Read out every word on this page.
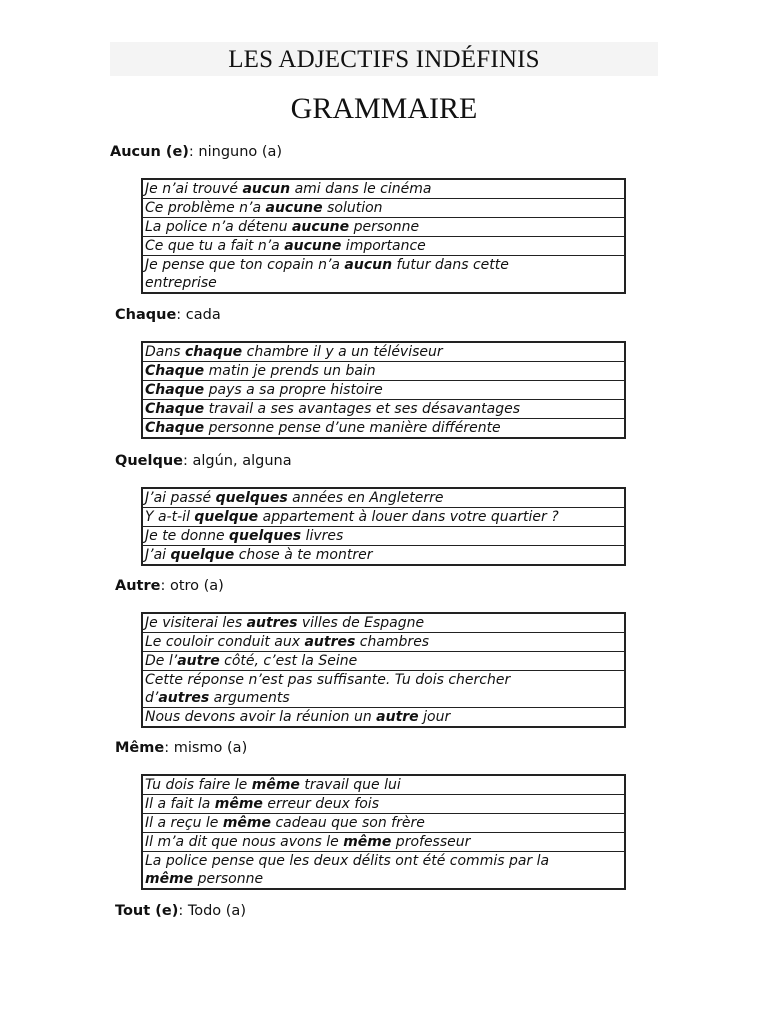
LES ADJECTIFS INDÉFINIS
GRAMMAIRE
Aucun (e): ninguno (a)
Je n’ai trouvé aucun ami dans le cinéma
Ce problème n’a aucune solution
La police n’a détenu aucune personne
Ce que tu a fait n’a aucune importance
Je pense que ton copain n’a aucun futur dans cette entreprise
Chaque: cada
Dans chaque chambre il y a un téléviseur
Chaque matin je prends un bain
Chaque pays a sa propre histoire
Chaque travail a ses avantages et ses désavantages
Chaque personne pense d’une manière différente
Quelque: algún, alguna
J’ai passé quelques années en Angleterre
Y a-t-il quelque appartement à louer dans votre quartier ?
Je te donne quelques livres
J’ai quelque chose à te montrer
Autre: otro (a)
Je visiterai les autres villes de Espagne
Le couloir conduit aux autres chambres
De l’autre côté, c’est la Seine
Cette réponse n’est pas suffisante. Tu dois chercher d’autres arguments
Nous devons avoir la réunion un autre jour
Même: mismo (a)
Tu dois faire le même travail que lui
Il a fait la même erreur deux fois
Il a reçu le même cadeau que son frère
Il m’a dit que nous avons le même professeur
La police pense que les deux délits ont été commis par la même personne
Tout (e): Todo (a)
